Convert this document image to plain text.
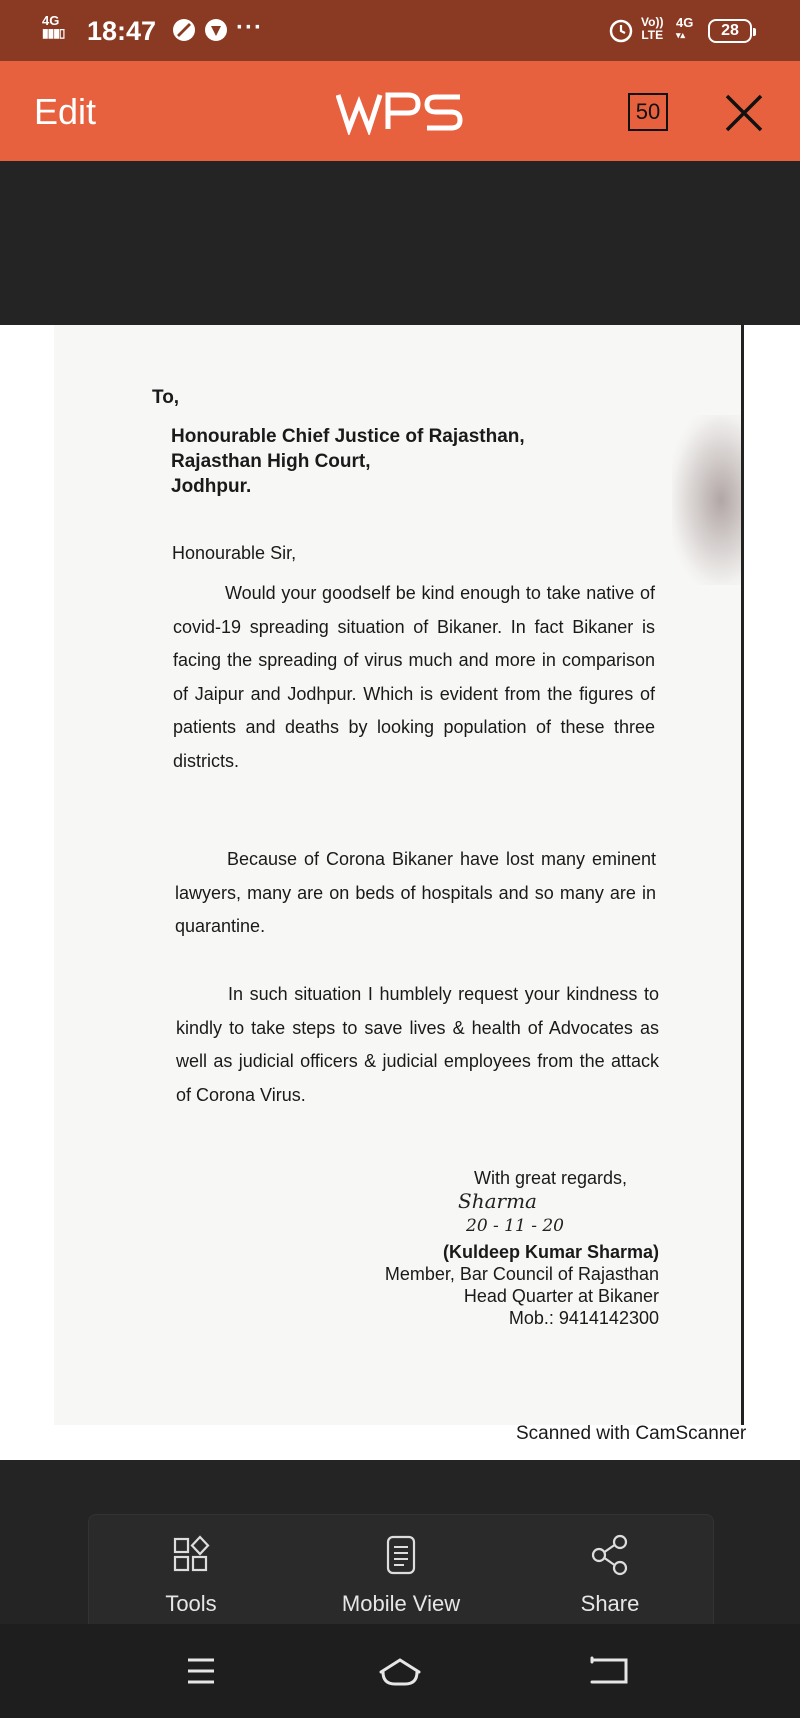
4G
▮▮▮▯ 18:47	···	Vo))
LTE
4G
▾▴	28
Edit	50
To,
Honourable Chief Justice of Rajasthan,
Rajasthan High Court,
Jodhpur.
Honourable Sir,
Would your goodself be kind enough to take native of covid-19 spreading situation of Bikaner. In fact Bikaner is facing the spreading of virus much and more in comparison of Jaipur and Jodhpur. Which is evident from the figures of patients and deaths by looking population of these three districts.
Because of Corona Bikaner have lost many eminent lawyers, many are on beds of hospitals and so many are in quarantine.
In such situation I humblely request your kindness to kindly to take steps to save lives & health of Advocates as well as judicial officers & judicial employees from the attack of Corona Virus.
With great regards,
Sharma
20 - 11 - 20
(Kuldeep Kumar Sharma)
Member, Bar Council of Rajasthan
Head Quarter at Bikaner
Mob.: 9414142300
Scanned with CamScanner
Tools	Mobile View	Share
